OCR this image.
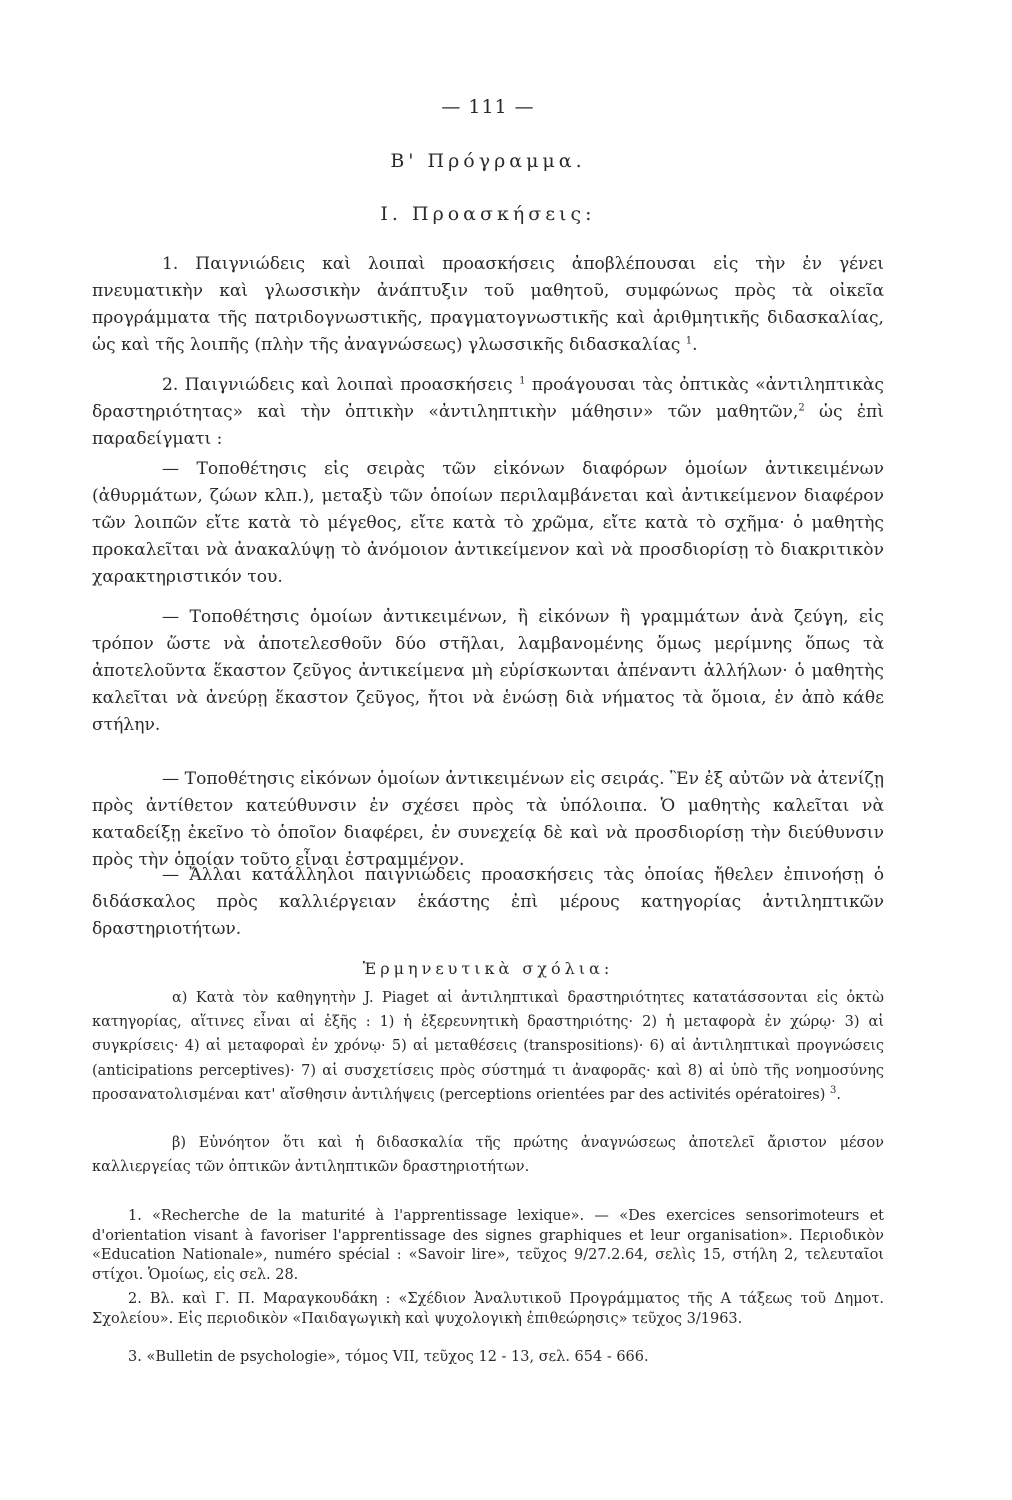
— 111 —
Β' Πρόγραμμα.
Ι. Προασκήσεις:

1. Παιγνιώδεις καὶ λοιπαὶ προασκήσεις ἀποβλέπουσαι εἰς τὴν ἐν γένει πνευματικὴν καὶ γλωσσικὴν ἀνάπτυξιν τοῦ μαθητοῦ, συμφώνως πρὸς τὰ οἰκεῖα προγράμματα τῆς πατριδογνωστικῆς, πραγματογνωστικῆς καὶ ἀριθμητικῆς διδασκαλίας, ὡς καὶ τῆς λοιπῆς (πλὴν τῆς ἀναγνώσεως) γλωσσικῆς διδασκαλίας $^1$.

2. Παιγνιώδεις καὶ λοιπαὶ προασκήσεις $^1$ προάγουσαι τὰς ὀπτικὰς «ἀντιληπτικὰς δραστηριότητας» καὶ τὴν ὀπτικὴν «ἀντιληπτικὴν μάθησιν» τῶν μαθητῶν,$^2$ ὡς ἐπὶ παραδείγματι :

— Τοποθέτησις εἰς σειρὰς τῶν εἰκόνων διαφόρων ὁμοίων ἀντικειμένων (ἀθυρμάτων, ζώων κλπ.), μεταξὺ τῶν ὁποίων περιλαμβάνεται καὶ ἀντικείμενον διαφέρον τῶν λοιπῶν εἴτε κατὰ τὸ μέγεθος, εἴτε κατὰ τὸ χρῶμα, εἴτε κατὰ τὸ σχῆμα· ὁ μαθητὴς προκαλεῖται νὰ ἀνακαλύψῃ τὸ ἀνόμοιον ἀντικείμενον καὶ νὰ προσδιορίσῃ τὸ διακριτικὸν χαρακτηριστικόν του.

— Τοποθέτησις ὁμοίων ἀντικειμένων, ἢ εἰκόνων ἢ γραμμάτων ἀνὰ ζεύγη, εἰς τρόπον ὥστε νὰ ἀποτελεσθοῦν δύο στῆλαι, λαμβανομένης ὅμως μερίμνης ὅπως τὰ ἀποτελοῦντα ἕκαστον ζεῦγος ἀντικείμενα μὴ εὑρίσκωνται ἀπέναντι ἀλλήλων· ὁ μαθητὴς καλεῖται νὰ ἀνεύρῃ ἕκαστον ζεῦγος, ἤτοι νὰ ἑνώσῃ διὰ νήματος τὰ ὅμοια, ἐν ἀπὸ κάθε στήλην.

— Τοποθέτησις εἰκόνων ὁμοίων ἀντικειμένων εἰς σειράς. Ἓν ἐξ αὐτῶν νὰ ἀτενίζῃ πρὸς ἀντίθετον κατεύθυνσιν ἐν σχέσει πρὸς τὰ ὑπόλοιπα. Ὁ μαθητὴς καλεῖται νὰ καταδείξῃ ἐκεῖνο τὸ ὁποῖον διαφέρει, ἐν συνεχείᾳ δὲ καὶ νὰ προσδιορίσῃ τὴν διεύθυνσιν πρὸς τὴν ὁποίαν τοῦτο εἶναι ἐστραμμένον.

— Ἄλλαι κατάλληλοι παιγνιώδεις προασκήσεις τὰς ὁποίας ἤθελεν ἐπινοήσῃ ὁ διδάσκαλος πρὸς καλλιέργειαν ἑκάστης ἐπὶ μέρους κατηγορίας ἀντιληπτικῶν δραστηριοτήτων.

Ἑρμηνευτικὰ σχόλια:

α) Κατὰ τὸν καθηγητὴν J. Piaget αἱ ἀντιληπτικαὶ δραστηριότητες κατατάσσονται εἰς ὀκτὼ κατηγορίας, αἵτινες εἶναι αἱ ἑξῆς : 1) ἡ ἐξερευνητικὴ δραστηριότης· 2) ἡ μεταφορὰ ἐν χώρῳ· 3) αἱ συγκρίσεις· 4) αἱ μεταφοραὶ ἐν χρόνῳ· 5) αἱ μεταθέσεις (transpositions)· 6) αἱ ἀντιληπτικαὶ προγνώσεις (anticipations perceptives)· 7) αἱ συσχετίσεις πρὸς σύστημά τι ἀναφορᾶς· καὶ 8) αἱ ὑπὸ τῆς νοημοσύνης προσανατολισμέναι κατ' αἴσθησιν ἀντιλήψεις (perceptions orientées par des activités opératoires) $^3$.

β) Εὐνόητον ὅτι καὶ ἡ διδασκαλία τῆς πρώτης ἀναγνώσεως ἀποτελεῖ ἄριστον μέσον καλλιεργείας τῶν ὀπτικῶν ἀντιληπτικῶν δραστηριοτήτων.

1. «Recherche de la maturité à l'apprentissage lexique». — «Des exercices sensorimoteurs et d'orientation visant à favoriser l'apprentissage des signes graphiques et leur organisation». Περιοδικὸν «Education Nationale», numéro spécial : «Savoir lire», τεῦχος 9/27.2.64, σελὶς 15, στήλη 2, τελευταῖοι στίχοι. Ὁμοίως, εἰς σελ. 28.

2. Βλ. καὶ Γ. Π. Μαραγκουδάκη : «Σχέδιον Ἀναλυτικοῦ Προγράμματος τῆς Α τάξεως τοῦ Δημοτ. Σχολείου». Εἰς περιοδικὸν «Παιδαγωγικὴ καὶ ψυχολογικὴ ἐπιθεώρησις» τεῦχος 3/1963.

3. «Bulletin de psychologie», τόμος VII, τεῦχος 12 - 13, σελ. 654 - 666.
